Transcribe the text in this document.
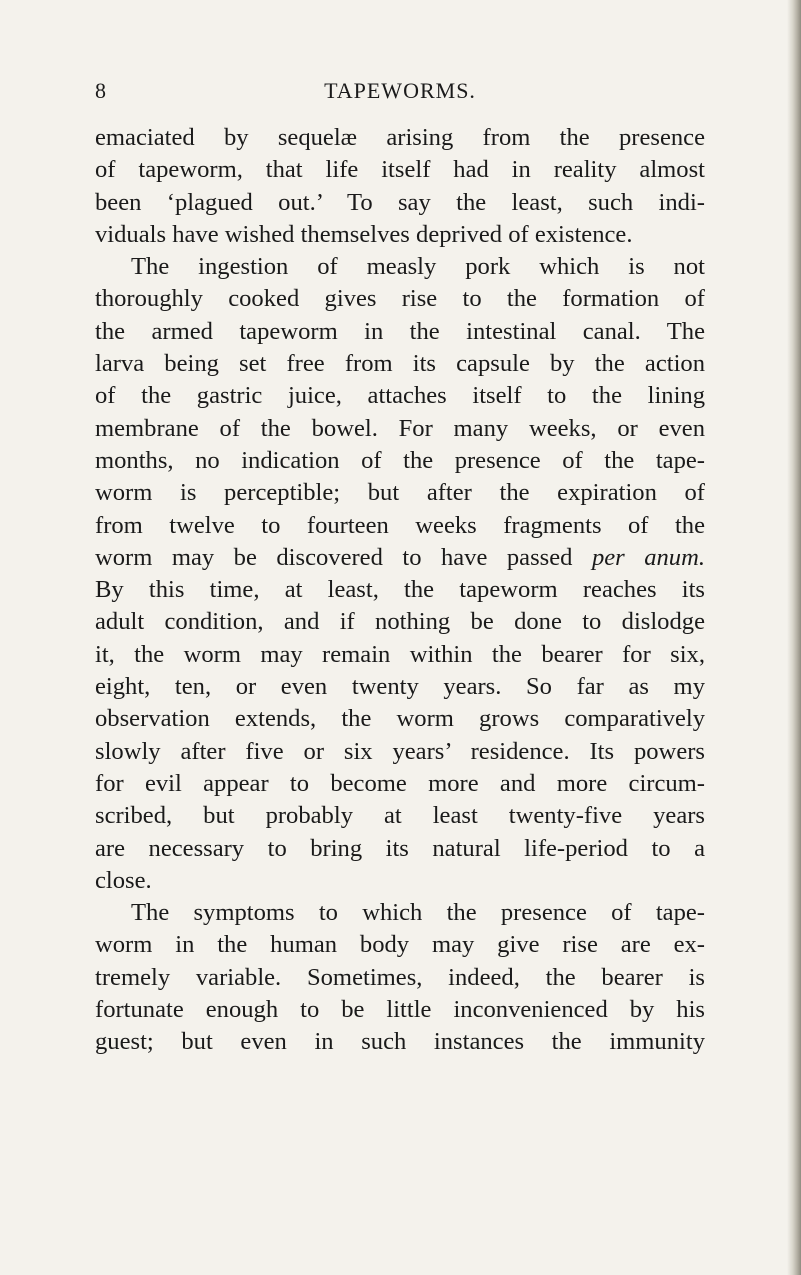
8	TAPEWORMS.
emaciated by sequelæ arising from the presence
of tapeworm, that life itself had in reality almost
been ‘plagued out.’ To say the least, such indi-
viduals have wished themselves deprived of existence.
The ingestion of measly pork which is not
thoroughly cooked gives rise to the formation of
the armed tapeworm in the intestinal canal. The
larva being set free from its capsule by the action
of the gastric juice, attaches itself to the lining
membrane of the bowel. For many weeks, or even
months, no indication of the presence of the tape-
worm is perceptible; but after the expiration of
from twelve to fourteen weeks fragments of the
worm may be discovered to have passed per anum.
By this time, at least, the tapeworm reaches its
adult condition, and if nothing be done to dislodge
it, the worm may remain within the bearer for six,
eight, ten, or even twenty years. So far as my
observation extends, the worm grows comparatively
slowly after five or six years’ residence. Its powers
for evil appear to become more and more circum-
scribed, but probably at least twenty-five years
are necessary to bring its natural life-period to a
close.
The symptoms to which the presence of tape-
worm in the human body may give rise are ex-
tremely variable. Sometimes, indeed, the bearer is
fortunate enough to be little inconvenienced by his
guest; but even in such instances the immunity
